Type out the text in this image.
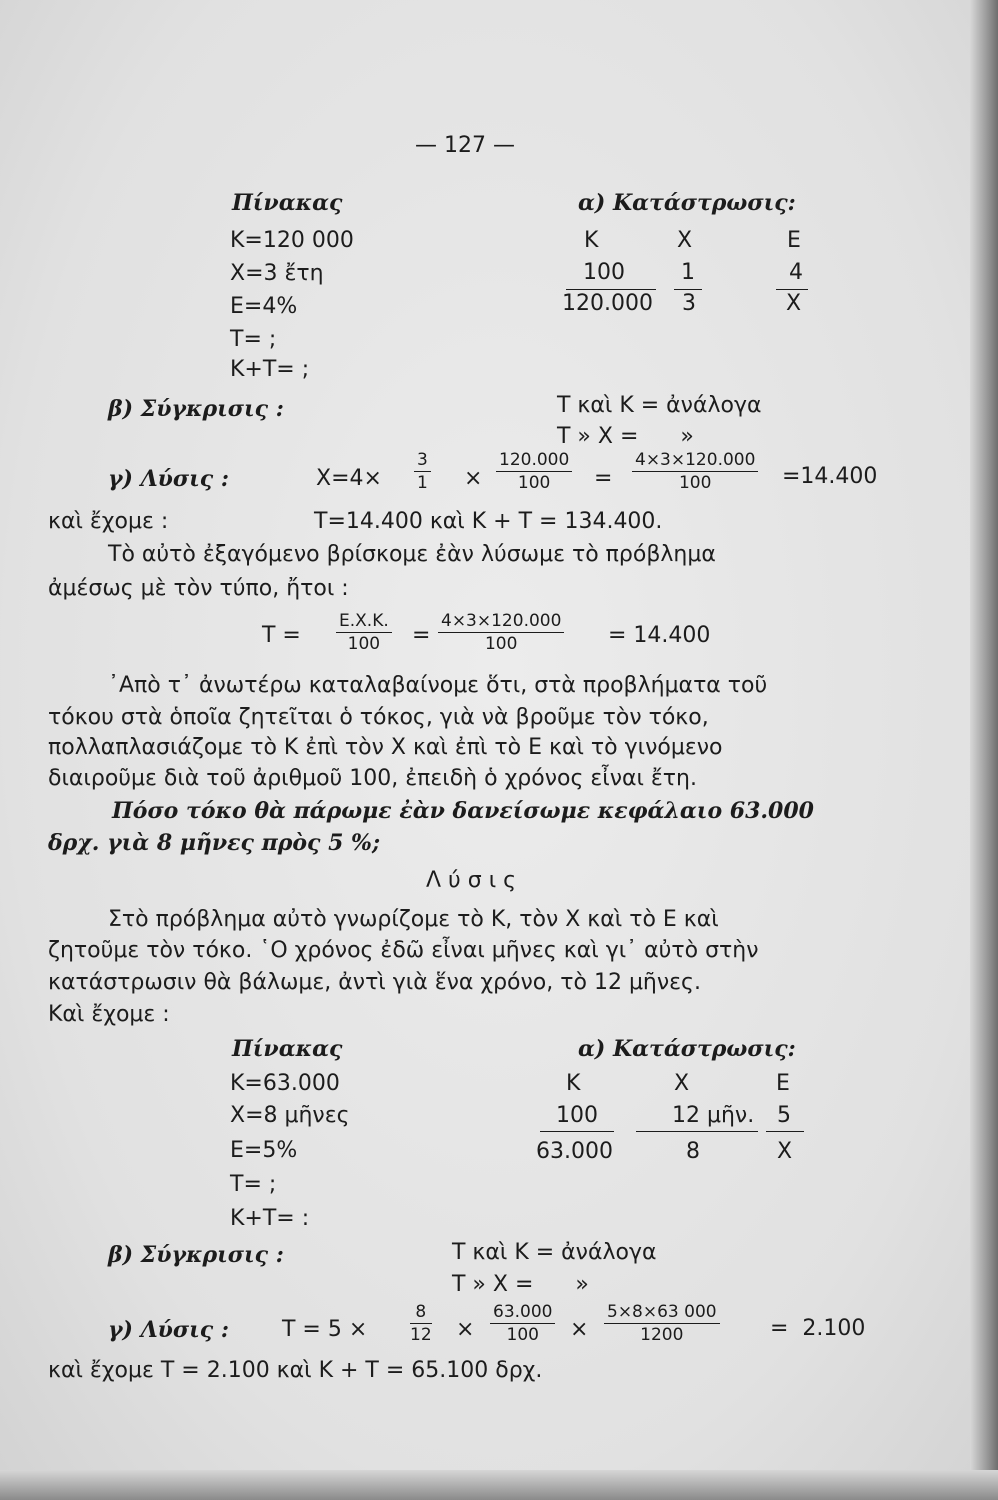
— 127 —
Πίνακας
K=120 000
X=3 ἔτη
E=4%
T= ;
K+T= ;
α) Κατάστρωσις:
K	X	E
100	1	4
120.000 3	X
β) Σύγκρισις :	T καὶ K = ἀνάλογα
T » X =      »
γ) Λύσις :	$X=4\times \frac{3}{1} \times \frac{120.000}{100} = \frac{4\times 3\times 120.000}{100} =14.400$
καὶ ἔχομε :	T=14.400 καὶ K + T = 134.400.
Τὸ αὐτὸ ἐξαγόμενο βρίσκομε ἐὰν λύσωμε τὸ πρόβλημα
ἀμέσως μὲ τὸν τύπο, ἤτοι :
$T = \frac{E.X.K.}{100} = \frac{4\times 3\times 120.000}{100} = 14.400$
᾽Απὸ τ᾽ ἀνωτέρω καταλαβαίνομε ὅτι, στὰ προβλήματα τοῦ
τόκου στὰ ὁποῖα ζητεῖται ὁ τόκος, γιὰ νὰ βροῦμε τὸν τόκο,
πολλαπλασιάζομε τὸ K ἐπὶ τὸν X καὶ ἐπὶ τὸ E καὶ τὸ γινόμενο
διαιροῦμε διὰ τοῦ ἀριθμοῦ 100, ἐπειδὴ ὁ χρόνος εἶναι ἔτη.
Πόσο τόκο θὰ πάρωμε ἐὰν δανείσωμε κεφάλαιο 63.000
δρχ. γιὰ 8 μῆνες πρὸς 5 %;
Λ ύ σ ι ς
Στὸ πρόβλημα αὐτὸ γνωρίζομε τὸ K, τὸν X καὶ τὸ E καὶ
ζητοῦμε τὸν τόκο. ῾Ο χρόνος ἐδῶ εἶναι μῆνες καὶ γι᾽ αὐτὸ στὴν
κατάστρωσιν θὰ βάλωμε, ἀντὶ γιὰ ἕνα χρόνο, τὸ 12 μῆνες.
Καὶ ἔχομε :
Πίνακας
K=63.000
X=8 μῆνες
E=5%
T= ;
K+T= :
α) Κατάστρωσις:
K	X	E
100	12 μῆν. 5
63.000	8	X
β) Σύγκρισις :	T καὶ K = ἀνάλογα
T » X =      »
γ) Λύσις : T = 5 ×	$\frac{8}{12} \times \frac{63.000}{100} \times \frac{5\times 8\times 63 000}{1200} = 2.100$
καὶ ἔχομε T = 2.100 καὶ K + T = 65.100 δρχ.
